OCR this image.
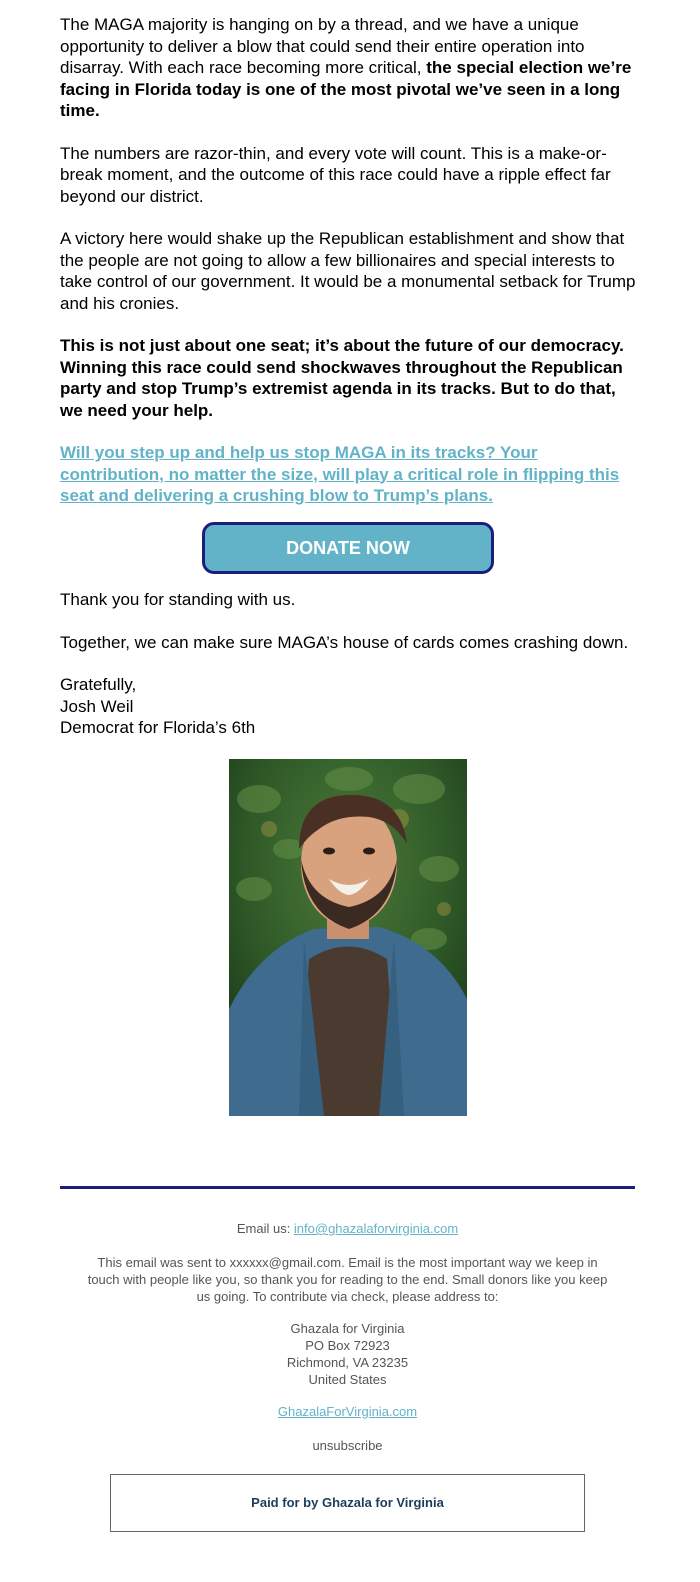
The MAGA majority is hanging on by a thread, and we have a unique opportunity to deliver a blow that could send their entire operation into disarray. With each race becoming more critical, the special election we’re facing in Florida today is one of the most pivotal we’ve seen in a long time.

The numbers are razor-thin, and every vote will count. This is a make-or-break moment, and the outcome of this race could have a ripple effect far beyond our district.

A victory here would shake up the Republican establishment and show that the people are not going to allow a few billionaires and special interests to take control of our government. It would be a monumental setback for Trump and his cronies.

This is not just about one seat; it’s about the future of our democracy. Winning this race could send shockwaves throughout the Republican party and stop Trump’s extremist agenda in its tracks. But to do that, we need your help.

Will you step up and help us stop MAGA in its tracks? Your contribution, no matter the size, will play a critical role in flipping this seat and delivering a crushing blow to Trump’s plans.

DONATE NOW

Thank you for standing with us.

Together, we can make sure MAGA’s house of cards comes crashing down.

Gratefully,
Josh Weil
Democrat for Florida’s 6th

Email us: info@ghazalaforvirginia.com
This email was sent to xxxxxx@gmail.com. Email is the most important way we keep in touch with people like you, so thank you for reading to the end. Small donors like you keep us going. To contribute via check, please address to:
Ghazala for Virginia
PO Box 72923
Richmond, VA 23235
United States
GhazalaForVirginia.com
unsubscribe
Paid for by Ghazala for Virginia
